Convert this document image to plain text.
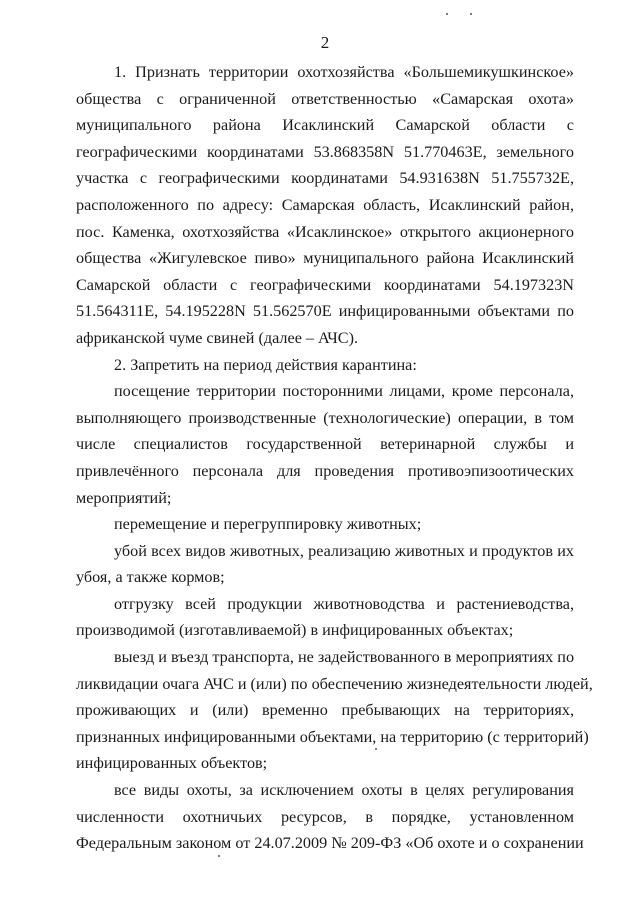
2
1. Признать территории охотхозяйства «Большемикушкинское»
общества с ограниченной ответственностью «Самарская охота»
муниципального района Исаклинский Самарской области с
географическими координатами 53.868358N 51.770463E, земельного
участка с географическими координатами 54.931638N 51.755732E,
расположенного по адресу: Самарская область, Исаклинский район,
пос. Каменка, охотхозяйства «Исаклинское» открытого акционерного
общества «Жигулевское пиво» муниципального района Исаклинский
Самарской области с географическими координатами 54.197323N
51.564311E, 54.195228N 51.562570E инфицированными объектами по
африканской чуме свиней (далее – АЧС).
2. Запретить на период действия карантина:
посещение территории посторонними лицами, кроме персонала,
выполняющего производственные (технологические) операции, в том
числе специалистов государственной ветеринарной службы и
привлечённого персонала для проведения противоэпизоотических
мероприятий;
перемещение и перегруппировку животных;
убой всех видов животных, реализацию животных и продуктов их
убоя, а также кормов;
отгрузку всей продукции животноводства и растениеводства,
производимой (изготавливаемой) в инфицированных объектах;
выезд и въезд транспорта, не задействованного в мероприятиях по
ликвидации очага АЧС и (или) по обеспечению жизнедеятельности людей,
проживающих и (или) временно пребывающих на территориях,
признанных инфицированными объектами, на территорию (с территорий)
инфицированных объектов;
все виды охоты, за исключением охоты в целях регулирования
численности охотничьих ресурсов, в порядке, установленном
Федеральным законом от 24.07.2009 № 209-ФЗ «Об охоте и о сохранении
